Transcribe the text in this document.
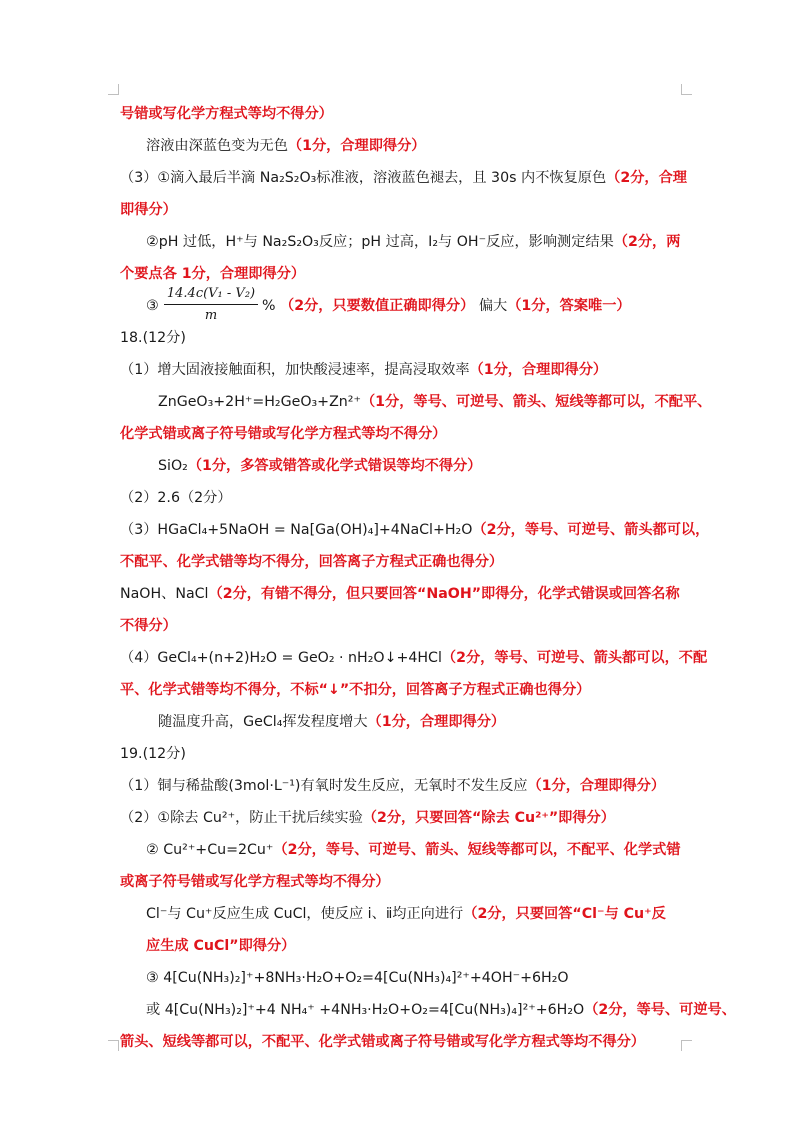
14.4c(V₁ - V₂)
m
号错或写化学方程式等均不得分）
溶液由深蓝色变为无色（1分，合理即得分）
（3）①滴入最后半滴 Na₂S₂O₃标准液，溶液蓝色褪去，且 30s 内不恢复原色（2分，合理
即得分）
②pH 过低，H⁺与 Na₂S₂O₃反应；pH 过高，I₂与 OH⁻反应，影响测定结果（2分，两
个要点各 1分，合理即得分）
③	% （2分，只要数值正确即得分） 偏大（1分，答案唯一）
18.(12分)
（1）增大固液接触面积，加快酸浸速率，提高浸取效率（1分，合理即得分）
ZnGeO₃+2H⁺=H₂GeO₃+Zn²⁺（1分，等号、可逆号、箭头、短线等都可以，不配平、
化学式错或离子符号错或写化学方程式等均不得分）
SiO₂（1分，多答或错答或化学式错误等均不得分）
（2）2.6（2分）
（3）HGaCl₄+5NaOH = Na[Ga(OH)₄]+4NaCl+H₂O（2分，等号、可逆号、箭头都可以，
不配平、化学式错等均不得分，回答离子方程式正确也得分）
NaOH、NaCl（2分，有错不得分，但只要回答“NaOH”即得分，化学式错误或回答名称
不得分）
（4）GeCl₄+(n+2)H₂O = GeO₂ · nH₂O↓+4HCl（2分，等号、可逆号、箭头都可以，不配
平、化学式错等均不得分，不标“↓”不扣分，回答离子方程式正确也得分）
随温度升高，GeCl₄挥发程度增大（1分，合理即得分）
19.(12分)
（1）铜与稀盐酸(3mol·L⁻¹)有氧时发生反应，无氧时不发生反应（1分，合理即得分）
（2）①除去 Cu²⁺，防止干扰后续实验（2分，只要回答“除去 Cu²⁺”即得分）
② Cu²⁺+Cu=2Cu⁺（2分，等号、可逆号、箭头、短线等都可以，不配平、化学式错
或离子符号错或写化学方程式等均不得分）
Cl⁻与 Cu⁺反应生成 CuCl，使反应 ⅰ、ⅱ均正向进行（2分，只要回答“Cl⁻与 Cu⁺反
应生成 CuCl”即得分）
③ 4[Cu(NH₃)₂]⁺+8NH₃·H₂O+O₂=4[Cu(NH₃)₄]²⁺+4OH⁻+6H₂O
或 4[Cu(NH₃)₂]⁺+4 NH₄⁺ +4NH₃·H₂O+O₂=4[Cu(NH₃)₄]²⁺+6H₂O（2分，等号、可逆号、
箭头、短线等都可以，不配平、化学式错或离子符号错或写化学方程式等均不得分）
